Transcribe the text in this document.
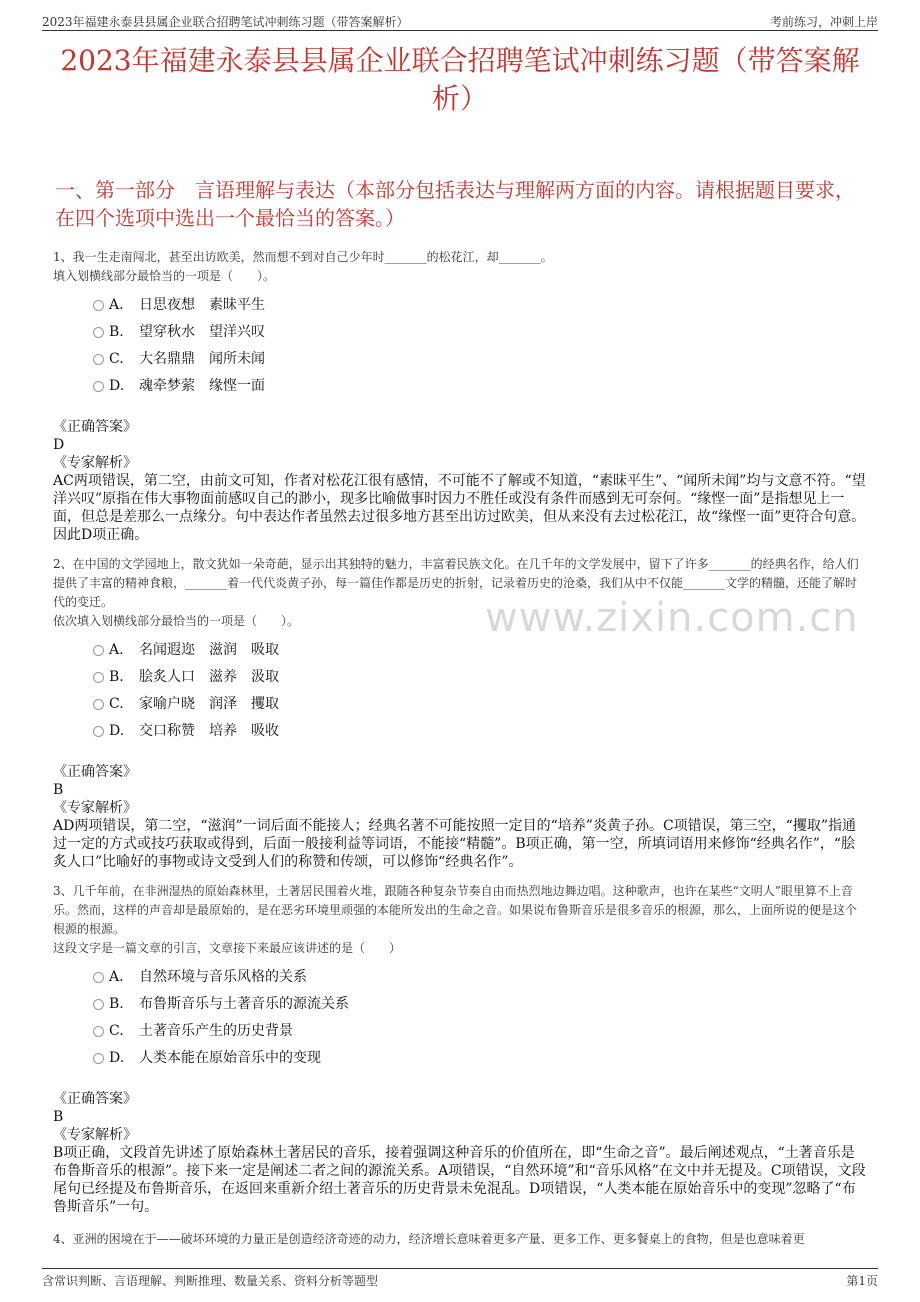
2023年福建永泰县县属企业联合招聘笔试冲刺练习题（带答案解析）	考前练习，冲刺上岸
2023年福建永泰县县属企业联合招聘笔试冲刺练习题（带答案解析）
一、第一部分　言语理解与表达（本部分包括表达与理解两方面的内容。请根据题目要求，在四个选项中选出一个最恰当的答案。）

1、我一生走南闯北，甚至出访欧美，然而想不到对自己少年时_______的松花江，却_______。

填入划横线部分最恰当的一项是（　　）。

A. 日思夜想　素昧平生
B. 望穿秋水　望洋兴叹
C. 大名鼎鼎　闻所未闻
D. 魂牵梦萦　缘悭一面
《正确答案》
D
《专家解析》
AC两项错误，第二空，由前文可知，作者对松花江很有感情，不可能不了解或不知道，“素昧平生”、“闻所未闻”均与文意不符。“望洋兴叹”原指在伟大事物面前感叹自己的渺小，现多比喻做事时因力不胜任或没有条件而感到无可奈何。“缘悭一面”是指想见上一面，但总是差那么一点缘分。句中表达作者虽然去过很多地方甚至出访过欧美，但从来没有去过松花江，故“缘悭一面”更符合句意。因此D项正确。

2、在中国的文学园地上，散文犹如一朵奇葩，显示出其独特的魅力，丰富着民族文化。在几千年的文学发展中，留下了许多_______的经典名作，给人们提供了丰富的精神食粮，_______着一代代炎黄子孙，每一篇佳作都是历史的折射，记录着历史的沧桑，我们从中不仅能_______文学的精髓，还能了解时代的变迁。

依次填入划横线部分最恰当的一项是（　　）。

A. 名闻遐迩　滋润　吸取
B. 脍炙人口　滋养　汲取
C. 家喻户晓　润泽　攫取
D. 交口称赞　培养　吸收
《正确答案》
B
《专家解析》
AD两项错误，第二空，“滋润”一词后面不能接人；经典名著不可能按照一定目的“培养”炎黄子孙。C项错误，第三空，“攫取”指通过一定的方式或技巧获取或得到，后面一般接利益等词语，不能接“精髓”。B项正确，第一空，所填词语用来修饰“经典名作”，“脍炙人口”比喻好的事物或诗文受到人们的称赞和传颂，可以修饰“经典名作”。

3、几千年前，在非洲湿热的原始森林里，土著居民围着火堆，跟随各种复杂节奏自由而热烈地边舞边唱。这种歌声，也许在某些“文明人”眼里算不上音乐。然而，这样的声音却是最原始的，是在恶劣环境里顽强的本能所发出的生命之音。如果说布鲁斯音乐是很多音乐的根源，那么，上面所说的便是这个根源的根源。

这段文字是一篇文章的引言，文章接下来最应该讲述的是（　　）

A. 自然环境与音乐风格的关系
B. 布鲁斯音乐与土著音乐的源流关系
C. 土著音乐产生的历史背景
D. 人类本能在原始音乐中的变现
《正确答案》
B
《专家解析》
B项正确，文段首先讲述了原始森林土著居民的音乐，接着强调这种音乐的价值所在，即“生命之音”。最后阐述观点，“土著音乐是布鲁斯音乐的根源”。接下来一定是阐述二者之间的源流关系。A项错误，“自然环境”和“音乐风格”在文中并无提及。C项错误，文段尾句已经提及布鲁斯音乐，在返回来重新介绍土著音乐的历史背景未免混乱。D项错误，“人类本能在原始音乐中的变现”忽略了“布鲁斯音乐”一句。

4、亚洲的困境在于——破坏环境的力量正是创造经济奇迹的动力，经济增长意味着更多产量、更多工作、更多餐桌上的食物，但是也意味着更

www.zixin.com.cn
含常识判断、言语理解、判断推理、数量关系、资料分析等题型	第1页
